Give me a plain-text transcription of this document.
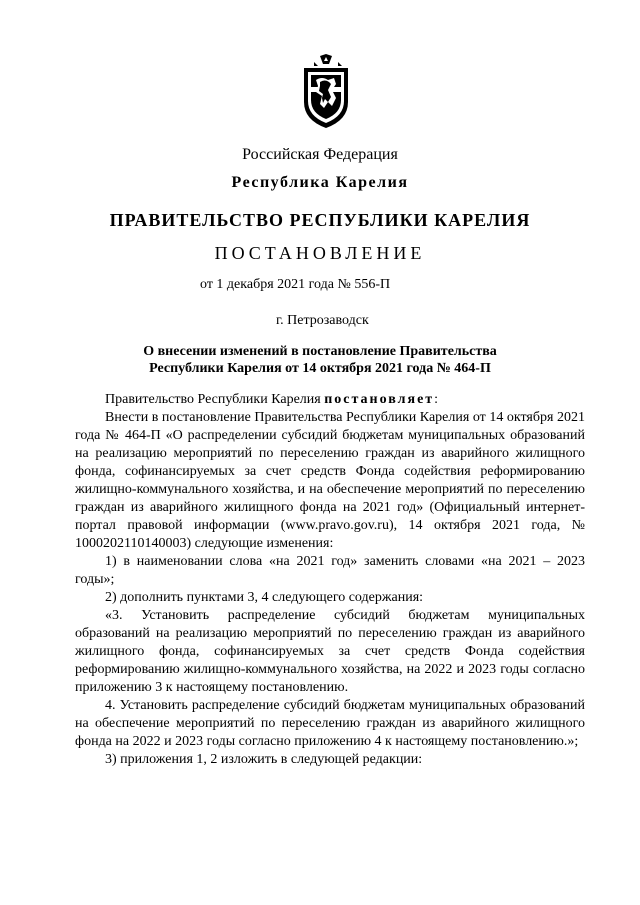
Российская Федерация
Республика Карелия
ПРАВИТЕЛЬСТВО РЕСПУБЛИКИ КАРЕЛИЯ
ПОСТАНОВЛЕНИЕ
от 1 декабря 2021 года № 556-П
г. Петрозаводск
О внесении изменений в постановление Правительства
Республики Карелия от 14 октября 2021 года № 464-П

Правительство Республики Карелия постановляет:

Внести в постановление Правительства Республики Карелия от 14 октября 2021 года № 464-П «О распределении субсидий бюджетам муниципальных образований на реализацию мероприятий по переселению граждан из аварийного жилищного фонда, софинансируемых за счет средств Фонда содействия реформированию жилищно-коммунального хозяйства, и на обеспечение мероприятий по переселению граждан из аварийного жилищного фонда на 2021 год» (Официальный интернет-портал правовой информации (www.pravo.gov.ru), 14 октября 2021 года, № 1000202110140003) следующие изменения:

1) в наименовании слова «на 2021 год» заменить словами «на 2021 – 2023 годы»;

2) дополнить пунктами 3, 4 следующего содержания:

«3. Установить распределение субсидий бюджетам муниципальных образований на реализацию мероприятий по переселению граждан из аварийного жилищного фонда, софинансируемых за счет средств Фонда содействия реформированию жилищно-коммунального хозяйства, на 2022 и 2023 годы согласно приложению 3 к настоящему постановлению.

4. Установить распределение субсидий бюджетам муниципальных образований на обеспечение мероприятий по переселению граждан из аварийного жилищного фонда на 2022 и 2023 годы согласно приложению 4 к настоящему постановлению.»;

3) приложения 1, 2 изложить в следующей редакции:
